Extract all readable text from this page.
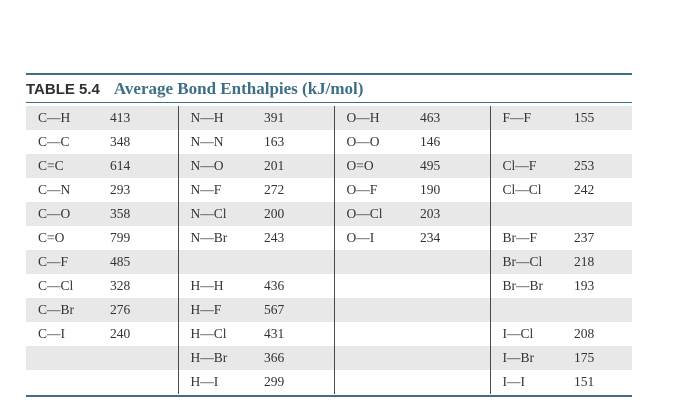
TABLE 5.4 Average Bond Enthalpies (kJ/mol)
C—H	413	N—H	391	O—H	463	F—F	155
C—C	348	N—N	163	O—O	146		
C=C	614	N—O	201	O=O	495	Cl—F	253
C—N	293	N—F	272	O—F	190	Cl—Cl	242
C—O	358	N—Cl	200	O—Cl	203		
C=O	799	N—Br	243	O—I	234	Br—F	237
C—F	485					Br—Cl	218
C—Cl	328	H—H	436			Br—Br	193
C—Br	276	H—F	567				
C—I	240	H—Cl	431			I—Cl	208
		H—Br	366			I—Br	175
		H—I	299			I—I	151
